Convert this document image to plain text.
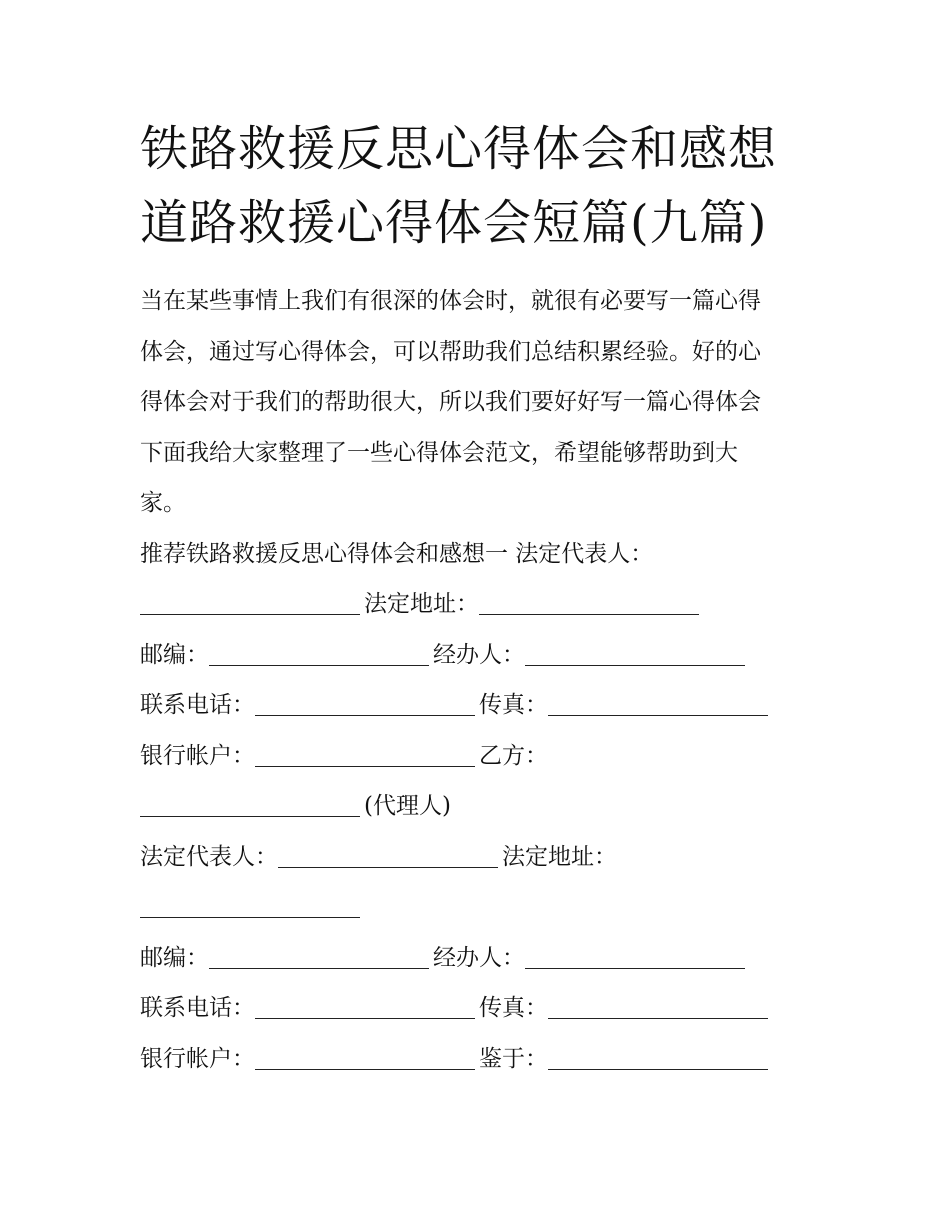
铁路救援反思心得体会和感想
道路救援心得体会短篇(九篇)
当在某些事情上我们有很深的体会时，就很有必要写一篇心得
体会，通过写心得体会，可以帮助我们总结积累经验。好的心
得体会对于我们的帮助很大，所以我们要好好写一篇心得体会
下面我给大家整理了一些心得体会范文，希望能够帮助到大
家。
推荐铁路救援反思心得体会和感想一 法定代表人：
法定地址：
邮编：	经办人：
联系电话：	传真：
银行帐户：	乙方：
(代理人)
法定代表人：	法定地址：
邮编：	经办人：
联系电话：	传真：
银行帐户：	鉴于：
